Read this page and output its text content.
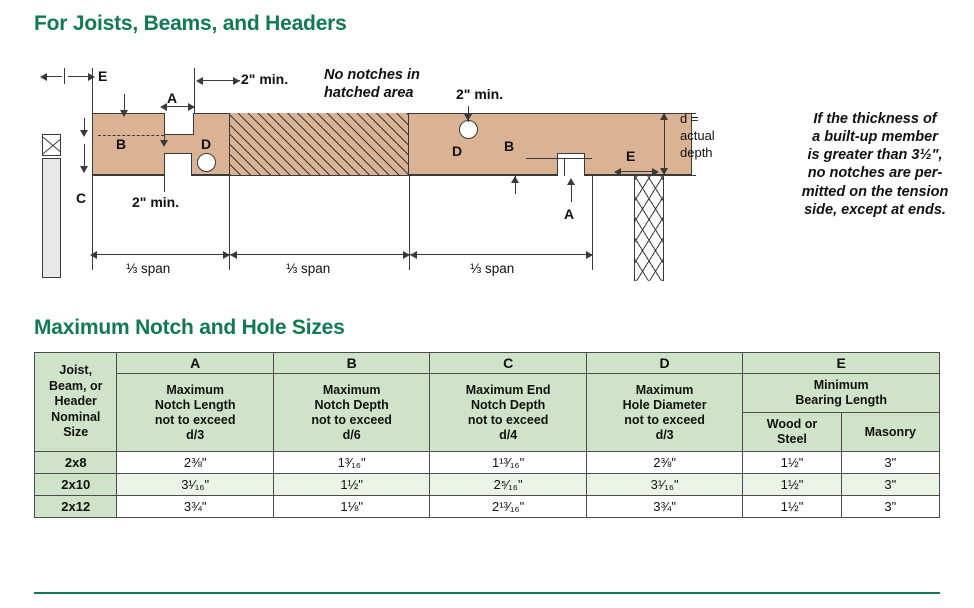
For Joists, Beams, and Headers
Maximum Notch and Hole Sizes
E	2" min. No notches in
hatched area	2" min.
A
B
C
D
2" min.
D	B
A
E
d =
actual
depth
⅓ span	⅓ span	⅓ span
If the thickness of
a built-up member
is greater than 3½",
no notches are per-
mitted on the tension
side, except at ends.
Joist,
Beam, or
Header
Nominal
Size	A	B	C	D	E	
	Maximum
Notch Length
not to exceed
d/3	Maximum
Notch Depth
not to exceed
d/6	Maximum End
Notch Depth
not to exceed
d/4	Maximum
Hole Diameter
not to exceed
d/3	Minimum
Bearing Length	
					Wood or
Steel	Masonry
2x8	2⅜"	1³⁄₁₆"	1¹³⁄₁₆"	2⅜"	1½"	3"
2x10	3¹⁄₁₆"	1½"	2⁵⁄₁₆"	3¹⁄₁₆"	1½"	3"
2x12	3¾"	1⅛"	2¹³⁄₁₆"	3¾"	1½"	3"
